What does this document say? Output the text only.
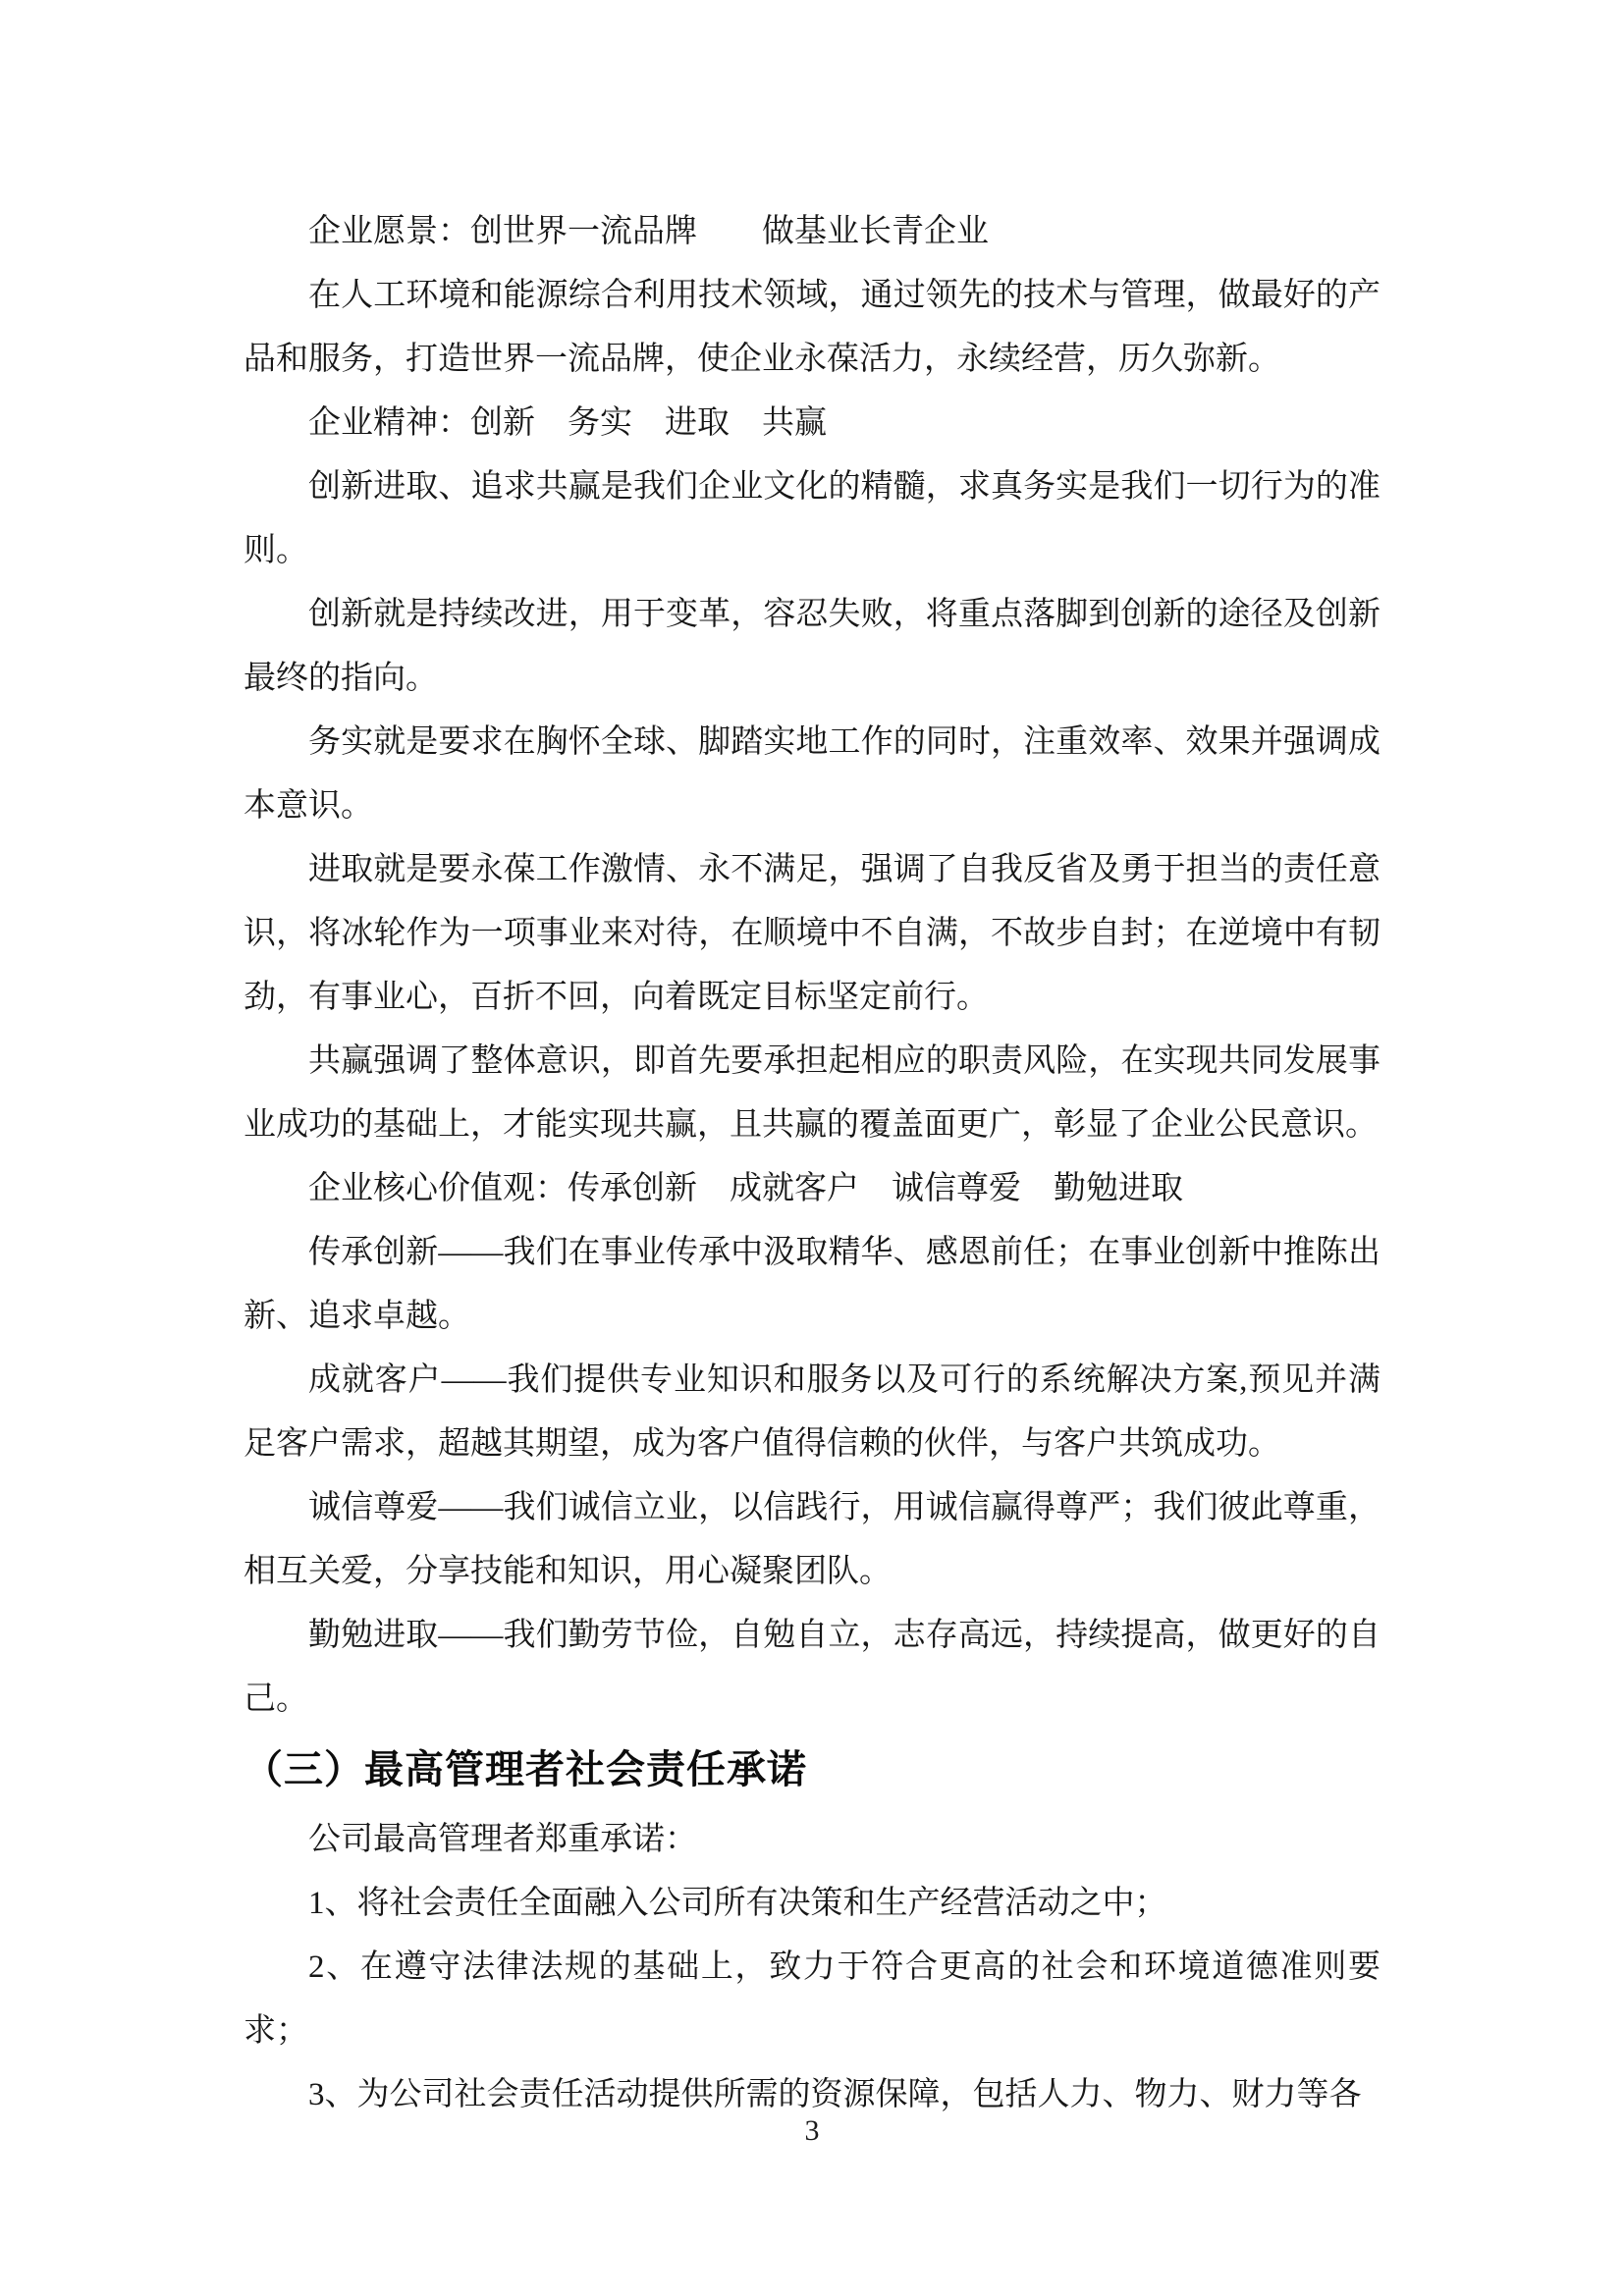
企业愿景：创世界一流品牌　　做基业长青企业

在人工环境和能源综合利用技术领域，通过领先的技术与管理，做最好的产品和服务，打造世界一流品牌，使企业永葆活力，永续经营，历久弥新。

企业精神：创新　务实　进取　共赢

创新进取、追求共赢是我们企业文化的精髓，求真务实是我们一切行为的准则。

创新就是持续改进，用于变革，容忍失败，将重点落脚到创新的途径及创新最终的指向。

务实就是要求在胸怀全球、脚踏实地工作的同时，注重效率、效果并强调成本意识。

进取就是要永葆工作激情、永不满足，强调了自我反省及勇于担当的责任意识，将冰轮作为一项事业来对待，在顺境中不自满，不故步自封；在逆境中有韧劲，有事业心，百折不回，向着既定目标坚定前行。

共赢强调了整体意识，即首先要承担起相应的职责风险，在实现共同发展事业成功的基础上，才能实现共赢，且共赢的覆盖面更广，彰显了企业公民意识。

企业核心价值观：传承创新　成就客户　诚信尊爱　勤勉进取

传承创新——我们在事业传承中汲取精华、感恩前任；在事业创新中推陈出新、追求卓越。

成就客户——我们提供专业知识和服务以及可行的系统解决方案,预见并满足客户需求，超越其期望，成为客户值得信赖的伙伴，与客户共筑成功。

诚信尊爱——我们诚信立业，以信践行，用诚信赢得尊严；我们彼此尊重，相互关爱，分享技能和知识，用心凝聚团队。

勤勉进取——我们勤劳节俭，自勉自立，志存高远，持续提高，做更好的自己。

（三）最高管理者社会责任承诺

公司最高管理者郑重承诺：

1、将社会责任全面融入公司所有决策和生产经营活动之中；

2、在遵守法律法规的基础上，致力于符合更高的社会和环境道德准则要求；

3、为公司社会责任活动提供所需的资源保障，包括人力、物力、财力等各

3
